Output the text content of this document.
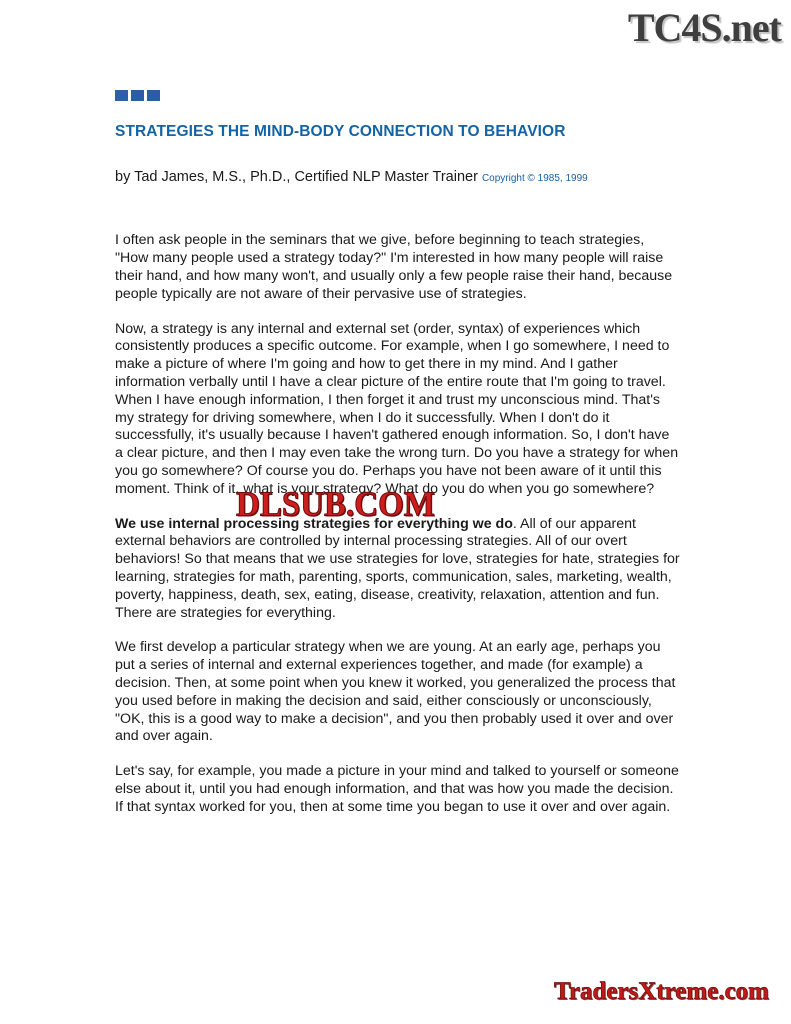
TC4S.net
STRATEGIES THE MIND-BODY CONNECTION TO BEHAVIOR

by Tad James, M.S., Ph.D., Certified NLP Master Trainer Copyright © 1985, 1999

I often ask people in the seminars that we give, before beginning to teach strategies, "How many people used a strategy today?" I'm interested in how many people will raise their hand, and how many won't, and usually only a few people raise their hand, because people typically are not aware of their pervasive use of strategies.

Now, a strategy is any internal and external set (order, syntax) of experiences which consistently produces a specific outcome. For example, when I go somewhere, I need to make a picture of where I'm going and how to get there in my mind. And I gather information verbally until I have a clear picture of the entire route that I'm going to travel. When I have enough information, I then forget it and trust my unconscious mind. That's my strategy for driving somewhere, when I do it successfully. When I don't do it successfully, it's usually because I haven't gathered enough information. So, I don't have a clear picture, and then I may even take the wrong turn. Do you have a strategy for when you go somewhere? Of course you do. Perhaps you have not been aware of it until this moment. Think of it, what is your strategy? What do you do when you go somewhere?

We use internal processing strategies for everything we do. All of our apparent external behaviors are controlled by internal processing strategies. All of our overt behaviors! So that means that we use strategies for love, strategies for hate, strategies for learning, strategies for math, parenting, sports, communication, sales, marketing, wealth, poverty, happiness, death, sex, eating, disease, creativity, relaxation, attention and fun. There are strategies for everything.

We first develop a particular strategy when we are young. At an early age, perhaps you put a series of internal and external experiences together, and made (for example) a decision. Then, at some point when you knew it worked, you generalized the process that you used before in making the decision and said, either consciously or unconsciously, "OK, this is a good way to make a decision", and you then probably used it over and over and over again.

Let's say, for example, you made a picture in your mind and talked to yourself or someone else about it, until you had enough information, and that was how you made the decision. If that syntax worked for you, then at some time you began to use it over and over again.

DLSUB.COM
TradersXtreme.com
